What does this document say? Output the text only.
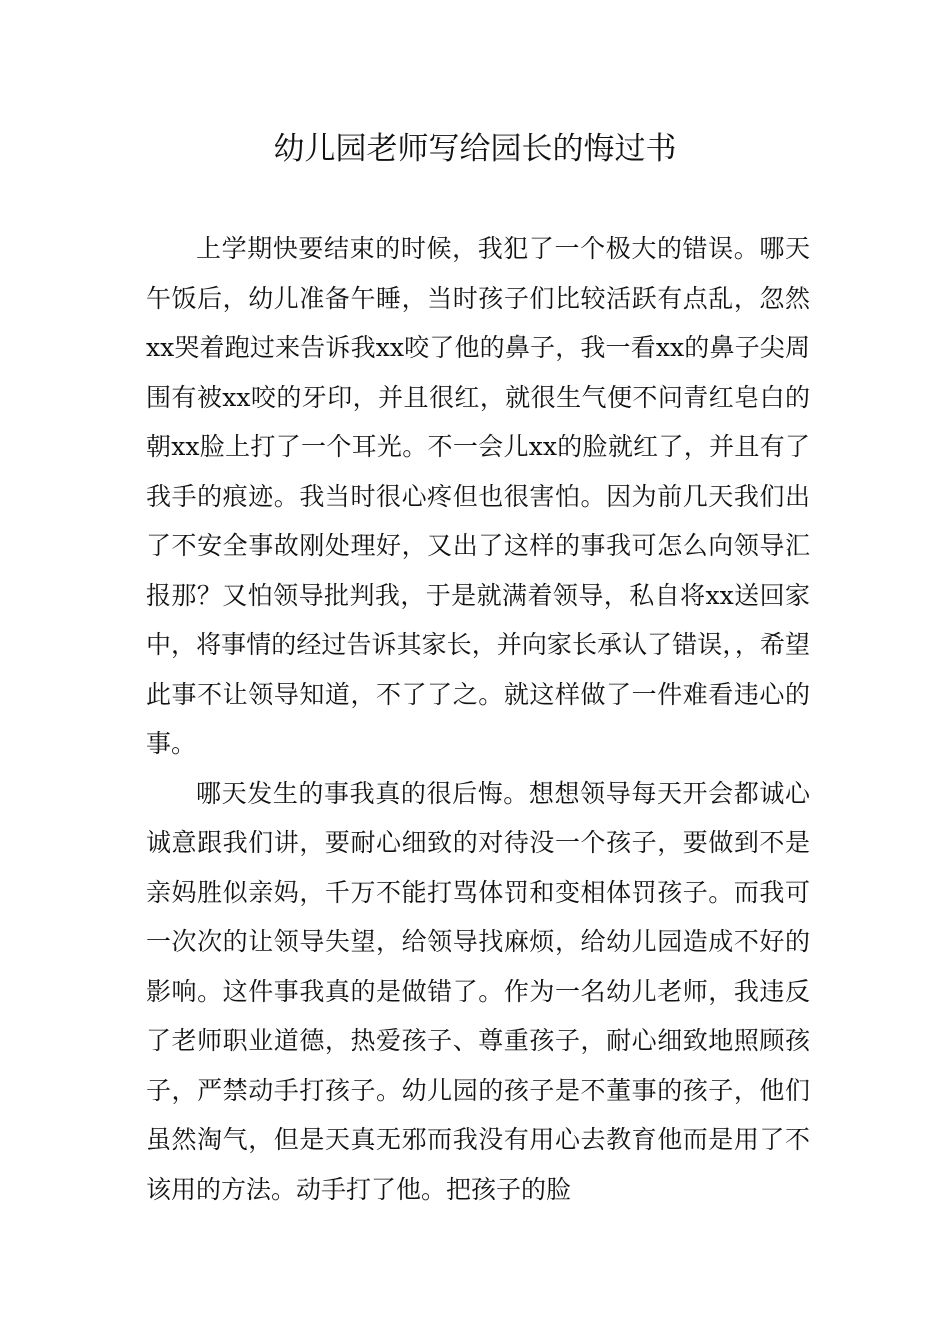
幼儿园老师写给园长的悔过书

上学期快要结束的时候，我犯了一个极大的错误。哪天午饭后，幼儿准备午睡，当时孩子们比较活跃有点乱，忽然xx哭着跑过来告诉我xx咬了他的鼻子，我一看xx的鼻子尖周围有被xx咬的牙印，并且很红，就很生气便不问青红皂白的朝xx脸上打了一个耳光。不一会儿xx的脸就红了，并且有了我手的痕迹。我当时很心疼但也很害怕。因为前几天我们出了不安全事故刚处理好，又出了这样的事我可怎么向领导汇报那？又怕领导批判我，于是就满着领导，私自将xx送回家中，将事情的经过告诉其家长，并向家长承认了错误，，希望此事不让领导知道，不了了之。就这样做了一件难看违心的事。

哪天发生的事我真的很后悔。想想领导每天开会都诚心诚意跟我们讲，要耐心细致的对待没一个孩子，要做到不是亲妈胜似亲妈，千万不能打骂体罚和变相体罚孩子。而我可一次次的让领导失望，给领导找麻烦，给幼儿园造成不好的影响。这件事我真的是做错了。作为一名幼儿老师，我违反了老师职业道德，热爱孩子、尊重孩子，耐心细致地照顾孩子，严禁动手打孩子。幼儿园的孩子是不董事的孩子，他们虽然淘气，但是天真无邪而我没有用心去教育他而是用了不该用的方法。动手打了他。把孩子的脸
